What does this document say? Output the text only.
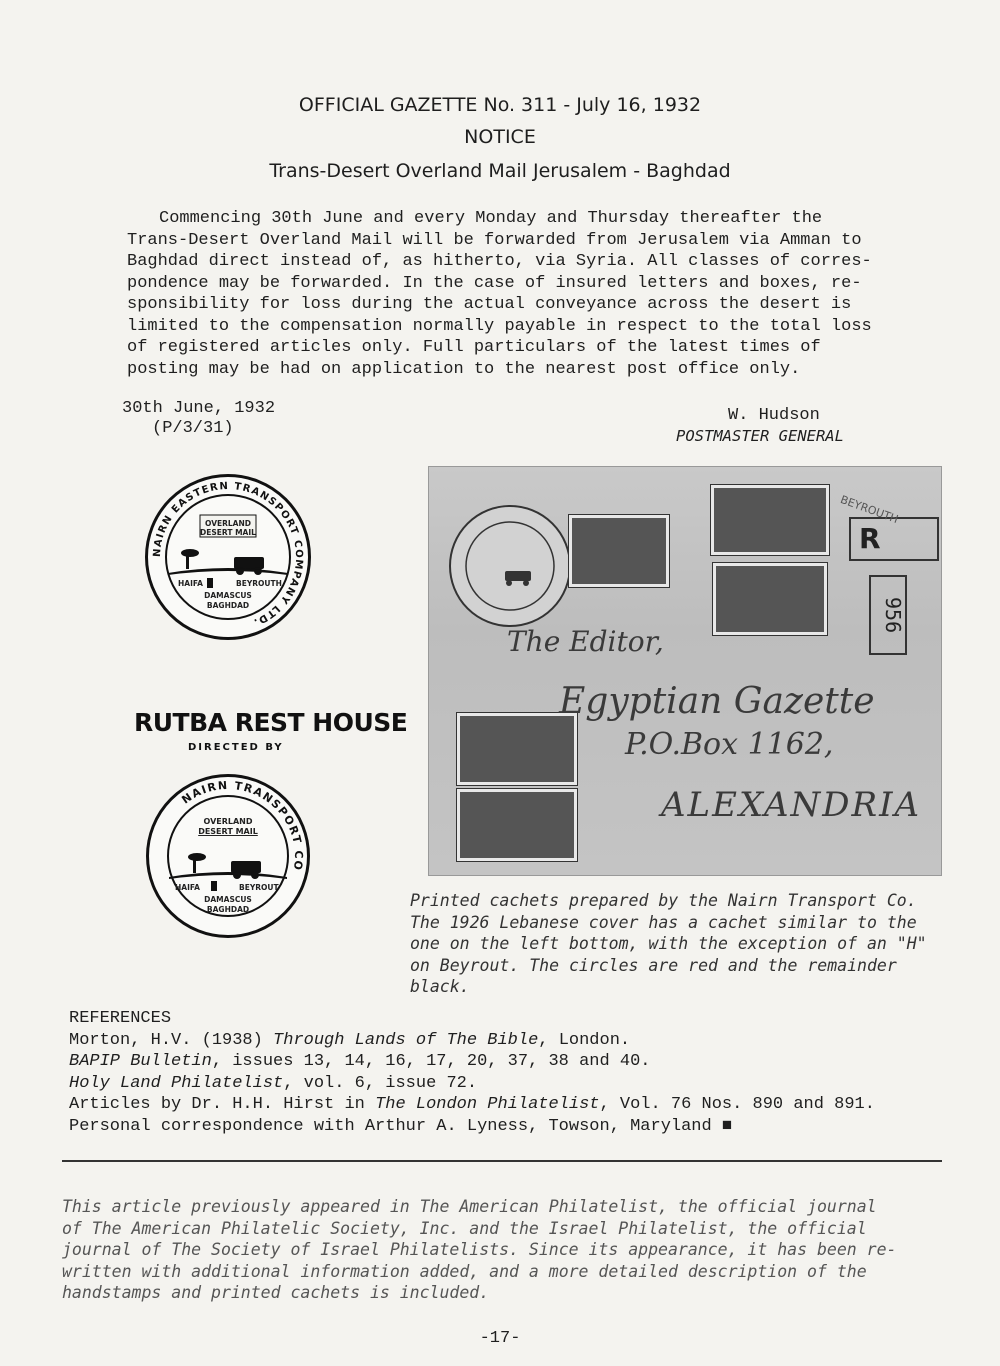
OFFICIAL GAZETTE No. 311 - July 16, 1932
NOTICE
Trans-Desert Overland Mail Jerusalem - Baghdad
Commencing 30th June and every Monday and Thursday thereafter the
Trans-Desert Overland Mail will be forwarded from Jerusalem via Amman to
Baghdad direct instead of, as hitherto, via Syria. All classes of corres-
pondence may be forwarded. In the case of insured letters and boxes, re-
sponsibility for loss during the actual conveyance across the desert is
limited to the compensation normally payable in respect to the total loss
of registered articles only. Full particulars of the latest times of
posting may be had on application to the nearest post office only.
30th June, 1932
(P/3/31)
W. Hudson
POSTMASTER GENERAL
NAIRN EASTERN TRANSPORT COMPANY LTD.
OVERLAND
DESERT MAIL
HAIFA	BEYROUTH
DAMASCUS
BAGHDAD
RUTBA REST HOUSE
DIRECTED BY
NAIRN TRANSPORT CO
OVERLAND
DESERT MAIL
HAIFA	BEYROUT
DAMASCUS
BAGHDAD
R
956
BEYROUTH
The Editor,
Egyptian Gazette
P.O.Box 1162,
ALEXANDRIA
Printed cachets prepared by the Nairn Transport Co.
The 1926 Lebanese cover has a cachet similar to the
one on the left bottom, with the exception of an "H"
on Beyrout. The circles are red and the remainder
black.
REFERENCES
Morton, H.V. (1938) Through Lands of The Bible, London.
BAPIP Bulletin, issues 13, 14, 16, 17, 20, 37, 38 and 40.
Holy Land Philatelist, vol. 6, issue 72.
Articles by Dr. H.H. Hirst in The London Philatelist, Vol. 76 Nos. 890 and 891.
Personal correspondence with Arthur A. Lyness, Towson, Maryland ■
This article previously appeared in The American Philatelist, the official journal
of The American Philatelic Society, Inc. and the Israel Philatelist, the official
journal of The Society of Israel Philatelists. Since its appearance, it has been re-
written with additional information added, and a more detailed description of the
handstamps and printed cachets is included.
-17-
